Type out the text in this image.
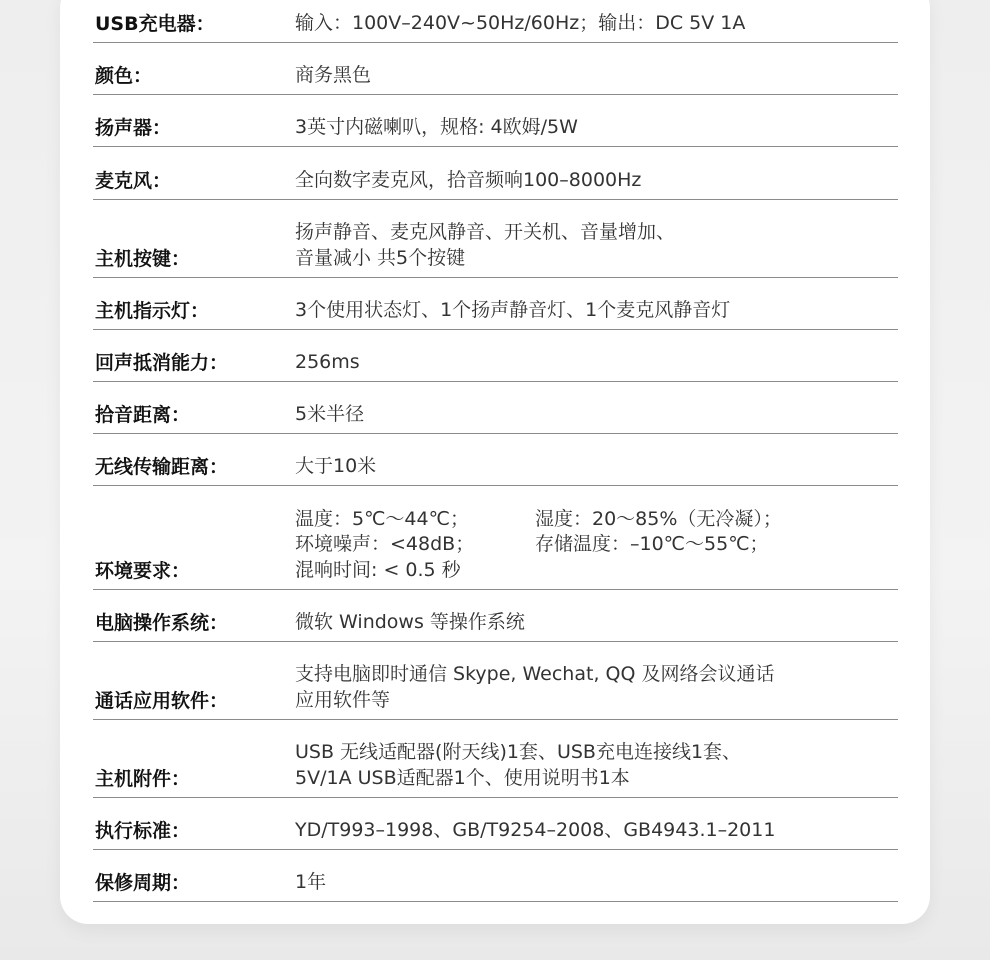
USB充电器：	输入：100V–240V~50Hz/60Hz；输出：DC 5V 1A
颜色：	商务黑色
扬声器：	3英寸内磁喇叭，规格: 4欧姆/5W
麦克风：	全向数字麦克风，拾音频响100–8000Hz
主机按键：
扬声静音、麦克风静音、开关机、音量增加、
音量减小 共5个按键
主机指示灯：	3个使用状态灯、1个扬声静音灯、1个麦克风静音灯
回声抵消能力：	256ms
拾音距离：	5米半径
无线传输距离：	大于10米
环境要求：
温度：5℃～44℃；	湿度：20～85%（无冷凝）；
环境噪声：<48dB；	存储温度：–10℃～55℃；
混响时间: < 0.5 秒
电脑操作系统：	微软 Windows 等操作系统
通话应用软件：
支持电脑即时通信 Skype, Wechat, QQ 及网络会议通话
应用软件等
主机附件：
USB 无线适配器(附天线)1套、USB充电连接线1套、
5V/1A USB适配器1个、使用说明书1本
执行标准：	YD/T993–1998、GB/T9254–2008、GB4943.1–2011
保修周期：	1年
